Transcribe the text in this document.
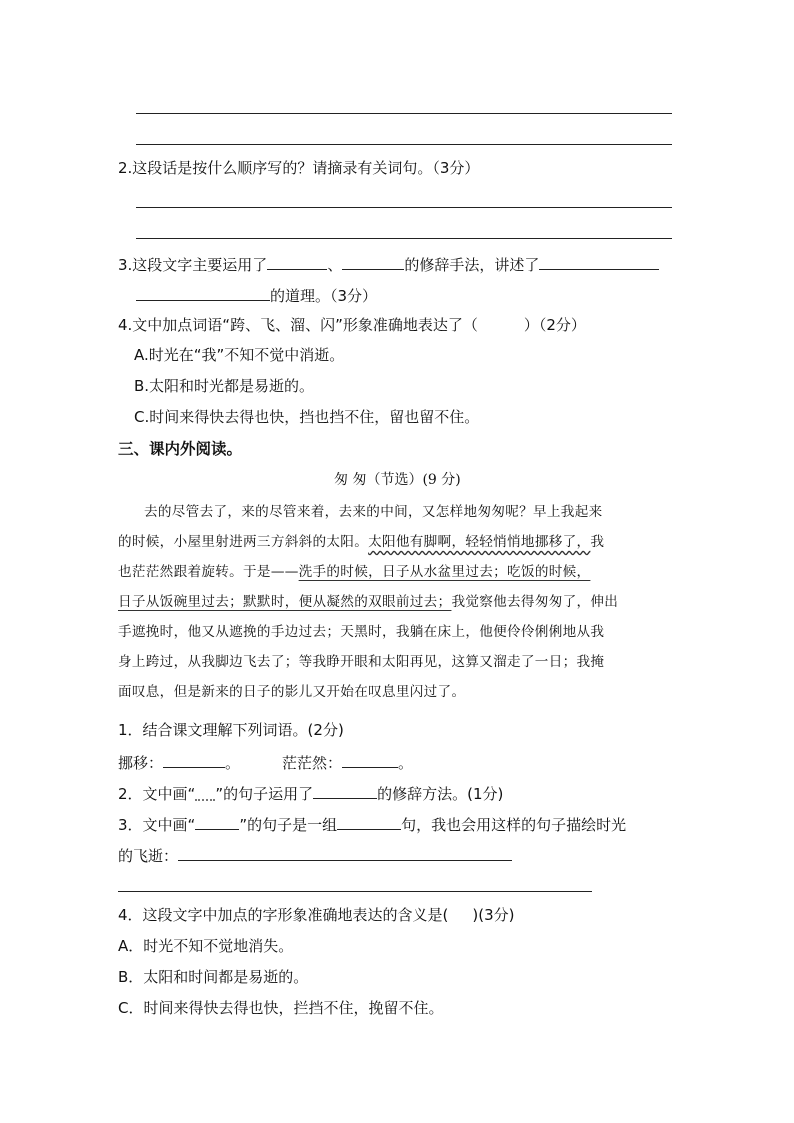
2.这段话是按什么顺序写的？请摘录有关词句。（3分）
3.这段文字主要运用了	、	的修辞手法，讲述了
的道理。（3分）
4.文中加点词语“跨、飞、溜、闪”形象准确地表达了（	）（2分）
A.时光在“我”不知不觉中消逝。
B.太阳和时光都是易逝的。
C.时间来得快去得也快，挡也挡不住，留也留不住。
三、课内外阅读。
匆 匆（节选）(9 分)
去的尽管去了，来的尽管来着，去来的中间，又怎样地匆匆呢？早上我起来
的时候，小屋里射进两三方斜斜的太阳。太阳他有脚啊，轻轻悄悄地挪移了，我
也茫茫然跟着旋转。于是——洗手的时候，日子从水盆里过去；吃饭的时候，
日子从饭碗里过去；默默时，便从凝然的双眼前过去；我觉察他去得匆匆了，伸出
手遮挽时，他又从遮挽的手边过去；天黑时，我躺在床上，他便伶伶俐俐地从我
身上跨过，从我脚边飞去了；等我睁开眼和太阳再见，这算又溜走了一日；我掩
面叹息，但是新来的日子的影儿又开始在叹息里闪过了。
1．结合课文理解下列词语。(2分)
挪移：	。	茫茫然：	。
2．文中画“ ”的句子运用了	的修辞方法。(1分)
3．文中画“	”的句子是一组	句，我也会用这样的句子描绘时光
的飞逝：
4．这段文字中加点的字形象准确地表达的含义是( )(3分)
A．时光不知不觉地消失。
B．太阳和时间都是易逝的。
C．时间来得快去得也快，拦挡不住，挽留不住。
